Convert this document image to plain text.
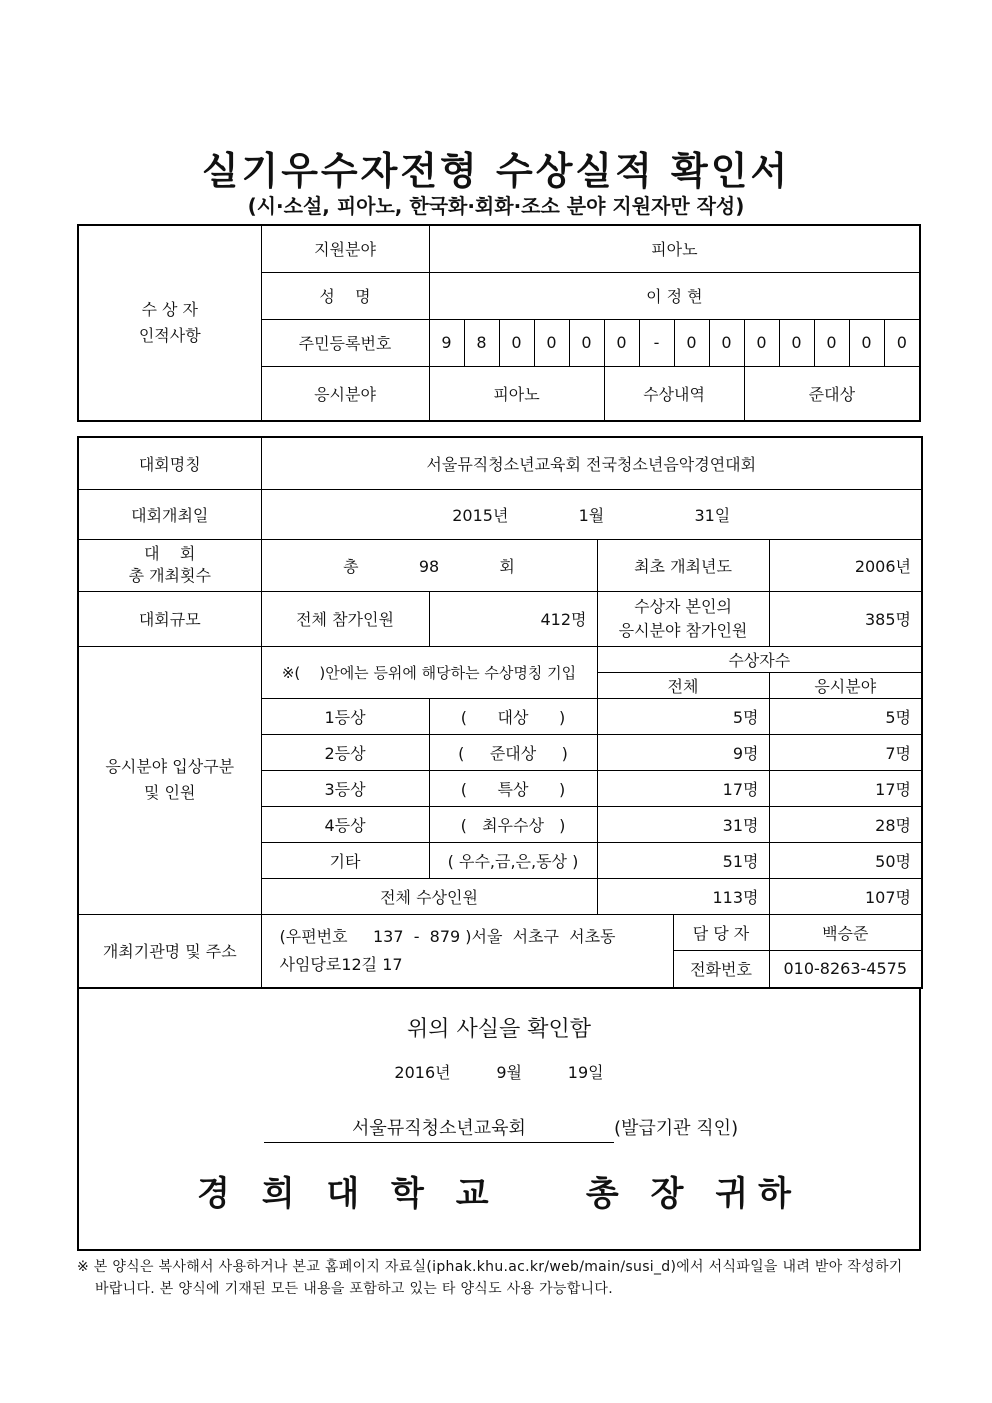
실기우수자전형 수상실적 확인서
(시·소설, 피아노, 한국화·회화·조소 분야 지원자만 작성)
수 상 자
인적사항	지원분야	피아노													
	성    명	이 정 현													
	주민등록번호	9	8	0	0	0	0	-	0	0	0	0	0	0	0
	응시분야	피아노					수상내역				준대상				
대회명칭	서울뮤직청소년교육회 전국청소년음악경연대회				
대회개최일	2015년 1월 31일				

대    회
총 개최횟수	총 98 회		최초 개최년도		2006년
대회규모	전체 참가인원	412명	수상자 본인의
응시분야 참가인원		385명

응시분야 입상구분
및 인원	※(    )안에는 등위에 해당하는 수상명칭 기입		수상자수		
			전체		응시분야
	1등상	(      대상      )	5명		5명
	2등상	(     준대상     )	9명		7명
	3등상	(      특상      )	17명		17명
	4등상	(   최우수상   )	31명		28명
	기타	( 우수,금,은,동상 )	51명		50명
	전체 수상인원		113명		107명

개최기관명 및 주소	(우편번호     137  -  879 )서울  서초구  서초동
사임당로12길 17			담 당 자	백승준
				전화번호	010-8263-4575
위의 사실을 확인함
2016년         9월         19일
서울뮤직청소년교육회	(발급기관 직인)
경 희 대 학 교    총 장 귀하
※ 본 양식은 복사해서 사용하거나 본교 홈페이지 자료실(iphak.khu.ac.kr/web/main/susi_d)에서 서식파일을 내려 받아 작성하기
바랍니다. 본 양식에 기재된 모든 내용을 포함하고 있는 타 양식도 사용 가능합니다.
